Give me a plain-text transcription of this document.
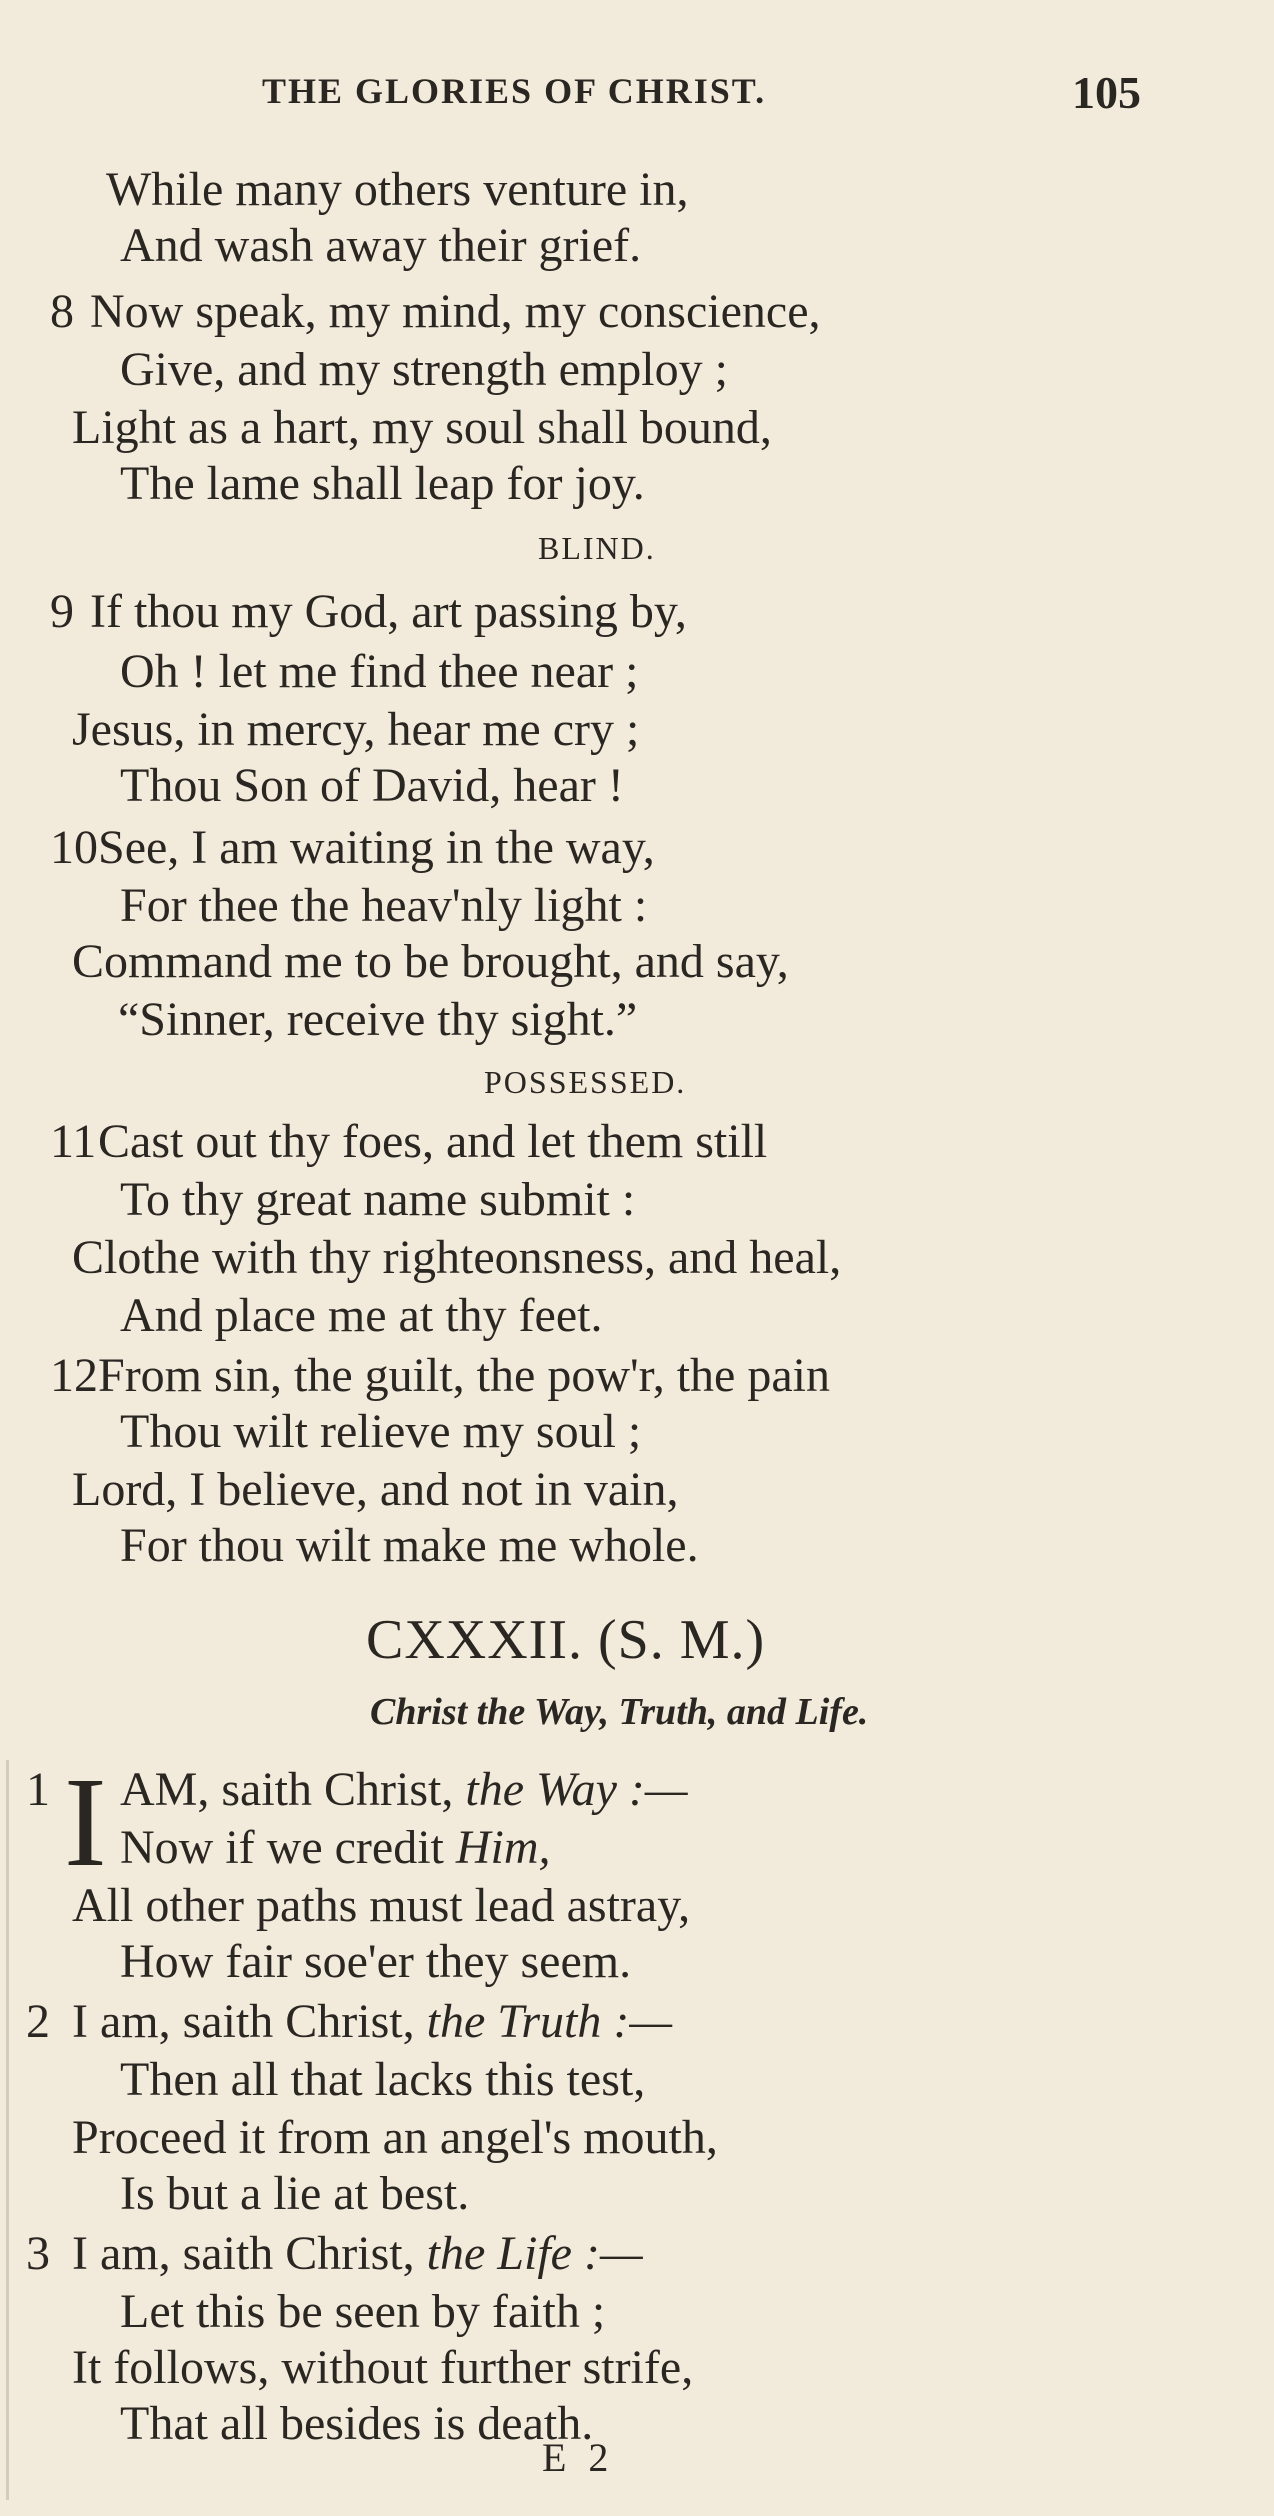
THE GLORIES OF CHRIST.	105
While many others venture in,
And wash away their grief.
8 Now speak, my mind, my conscience,
Give, and my strength employ ;
Light as a hart, my soul shall bound,
The lame shall leap for joy.
BLIND.
9 If thou my God, art passing by,
Oh ! let me find thee near ;
Jesus, in mercy, hear me cry ;
Thou Son of David, hear !
10 See, I am waiting in the way,
For thee the heav'nly light :
Command me to be brought, and say,
“Sinner, receive thy sight.”
POSSESSED.
11 Cast out thy foes, and let them still
To thy great name submit :
Clothe with thy righteonsness, and heal,
And place me at thy feet.
12 From sin, the guilt, the pow'r, the pain
Thou wilt relieve my soul ;
Lord, I believe, and not in vain,
For thou wilt make me whole.
CXXXII. (S. M.)
Christ the Way, Truth, and Life.
1 I AM, saith Christ, the Way :—
Now if we credit Him,
All other paths must lead astray,
How fair soe'er they seem.
2 I am, saith Christ, the Truth :—
Then all that lacks this test,
Proceed it from an angel's mouth,
Is but a lie at best.
3 I am, saith Christ, the Life :—
Let this be seen by faith ;
It follows, without further strife,
That all besides is death.
E 2
